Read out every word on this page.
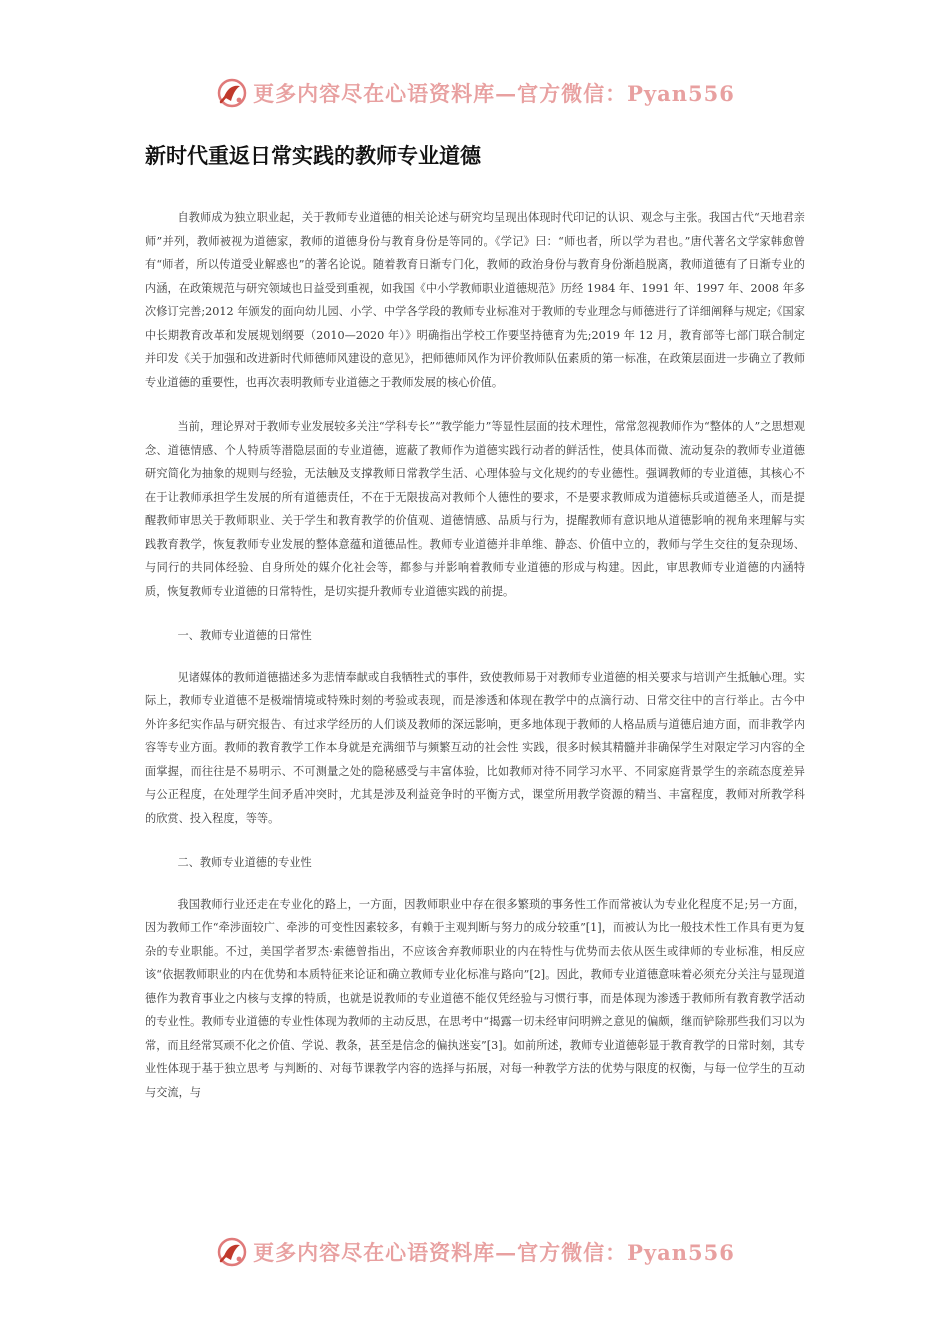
更多内容尽在心语资料库—官方微信：Pyan556
新时代重返日常实践的教师专业道德

自教师成为独立职业起，关于教师专业道德的相关论述与研究均呈现出体现时代印记的认识、观念与主张。我国古代“天地君亲师”并列，教师被视为道德家，教师的道德身份与教育身份是等同的。《学记》曰：“师也者，所以学为君也。”唐代著名文学家韩愈曾有“师者，所以传道受业解惑也”的著名论说。随着教育日渐专门化，教师的政治身份与教育身份渐趋脱离，教师道德有了日渐专业的内涵，在政策规范与研究领域也日益受到重视，如我国《中小学教师职业道德规范》历经 1984 年、1991 年、1997 年、2008 年多次修订完善;2012 年颁发的面向幼儿园、小学、中学各学段的教师专业标准对于教师的专业理念与师德进行了详细阐释与规定;《国家中长期教育改革和发展规划纲要（2010—2020 年）》明确指出学校工作要坚持德育为先;2019 年 12 月，教育部等七部门联合制定并印发《关于加强和改进新时代师德师风建设的意见》，把师德师风作为评价教师队伍素质的第一标准，在政策层面进一步确立了教师专业道德的重要性，也再次表明教师专业道德之于教师发展的核心价值。

当前，理论界对于教师专业发展较多关注“学科专长”“教学能力”等显性层面的技术理性，常常忽视教师作为“整体的人”之思想观念、道德情感、个人特质等潜隐层面的专业道德，遮蔽了教师作为道德实践行动者的鲜活性，使具体而微、流动复杂的教师专业道德研究简化为抽象的规则与经验，无法触及支撑教师日常教学生活、心理体验与文化规约的专业德性。强调教师的专业道德，其核心不在于让教师承担学生发展的所有道德责任，不在于无限拔高对教师个人德性的要求，不是要求教师成为道德标兵或道德圣人，而是提醒教师审思关于教师职业、关于学生和教育教学的价值观、道德情感、品质与行为，提醒教师有意识地从道德影响的视角来理解与实践教育教学，恢复教师专业发展的整体意蕴和道德品性。教师专业道德并非单维、静态、价值中立的，教师与学生交往的复杂现场、与同行的共同体经验、自身所处的媒介化社会等，都参与并影响着教师专业道德的形成与构建。因此，审思教师专业道德的内涵特质，恢复教师专业道德的日常特性，是切实提升教师专业道德实践的前提。

一、教师专业道德的日常性

见诸媒体的教师道德描述多为悲情奉献或自我牺牲式的事件，致使教师易于对教师专业道德的相关要求与培训产生抵触心理。实际上，教师专业道德不是极端情境或特殊时刻的考验或表现，而是渗透和体现在教学中的点滴行动、日常交往中的言行举止。古今中外许多纪实作品与研究报告、有过求学经历的人们谈及教师的深远影响，更多地体现于教师的人格品质与道德启迪方面，而非教学内容等专业方面。教师的教育教学工作本身就是充满细节与频繁互动的社会性 实践，很多时候其精髓并非确保学生对限定学习内容的全面掌握，而往往是不易明示、不可测量之处的隐秘感受与丰富体验，比如教师对待不同学习水平、不同家庭背景学生的亲疏态度差异与公正程度，在处理学生间矛盾冲突时，尤其是涉及利益竞争时的平衡方式，课堂所用教学资源的精当、丰富程度，教师对所教学科的欣赏、投入程度，等等。

二、教师专业道德的专业性

我国教师行业还走在专业化的路上，一方面，因教师职业中存在很多繁琐的事务性工作而常被认为专业化程度不足;另一方面，因为教师工作“牵涉面较广、牵涉的可变性因素较多，有赖于主观判断与努力的成分较重”[1]，而被认为比一般技术性工作具有更为复杂的专业职能。不过，美国学者罗杰·索德曾指出，不应该舍弃教师职业的内在特性与优势而去依从医生或律师的专业标准，相反应该“依据教师职业的内在优势和本质特征来论证和确立教师专业化标准与路向”[2]。因此，教师专业道德意味着必须充分关注与显现道德作为教育事业之内核与支撑的特质，也就是说教师的专业道德不能仅凭经验与习惯行事，而是体现为渗透于教师所有教育教学活动的专业性。教师专业道德的专业性体现为教师的主动反思，在思考中“揭露一切未经审问明辨之意见的偏颇，继而铲除那些我们习以为常，而且经常冥顽不化之价值、学说、教条，甚至是信念的偏执迷妄”[3]。如前所述，教师专业道德彰显于教育教学的日常时刻，其专业性体现于基于独立思考 与判断的、对每节课教学内容的选择与拓展，对每一种教学方法的优势与限度的权衡，与每一位学生的互动与交流，与

更多内容尽在心语资料库—官方微信：Pyan556
